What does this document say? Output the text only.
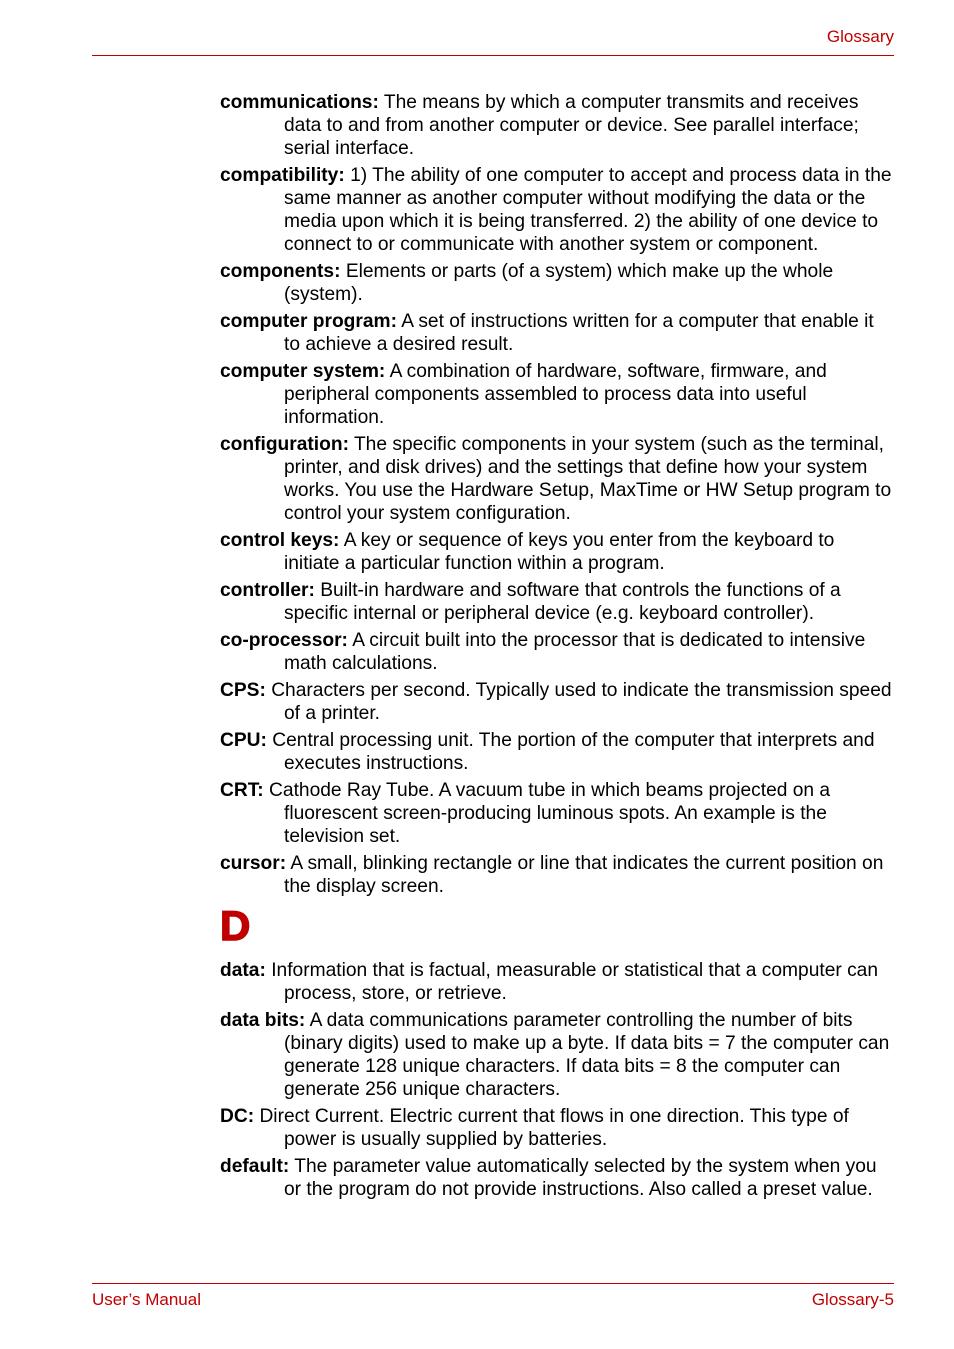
Glossary
communications: The means by which a computer transmits and receives data to and from another computer or device. See parallel interface; serial interface.
compatibility: 1) The ability of one computer to accept and process data in the same manner as another computer without modifying the data or the media upon which it is being transferred. 2) the ability of one device to connect to or communicate with another system or component.
components: Elements or parts (of a system) which make up the whole (system).
computer program: A set of instructions written for a computer that enable it to achieve a desired result.
computer system: A combination of hardware, software, firmware, and peripheral components assembled to process data into useful information.
configuration: The specific components in your system (such as the terminal, printer, and disk drives) and the settings that define how your system works. You use the Hardware Setup, MaxTime or HW Setup program to control your system configuration.
control keys: A key or sequence of keys you enter from the keyboard to initiate a particular function within a program.
controller: Built-in hardware and software that controls the functions of a specific internal or peripheral device (e.g. keyboard controller).
co-processor: A circuit built into the processor that is dedicated to intensive math calculations.
CPS: Characters per second. Typically used to indicate the transmission speed of a printer.
CPU: Central processing unit. The portion of the computer that interprets and executes instructions.
CRT: Cathode Ray Tube. A vacuum tube in which beams projected on a fluorescent screen-producing luminous spots. An example is the television set.
cursor: A small, blinking rectangle or line that indicates the current position on the display screen.
D
data: Information that is factual, measurable or statistical that a computer can process, store, or retrieve.
data bits: A data communications parameter controlling the number of bits (binary digits) used to make up a byte. If data bits = 7 the computer can generate 128 unique characters. If data bits = 8 the computer can generate 256 unique characters.
DC: Direct Current. Electric current that flows in one direction. This type of power is usually supplied by batteries.
default: The parameter value automatically selected by the system when you or the program do not provide instructions. Also called a preset value.
User’s Manual	Glossary-5
